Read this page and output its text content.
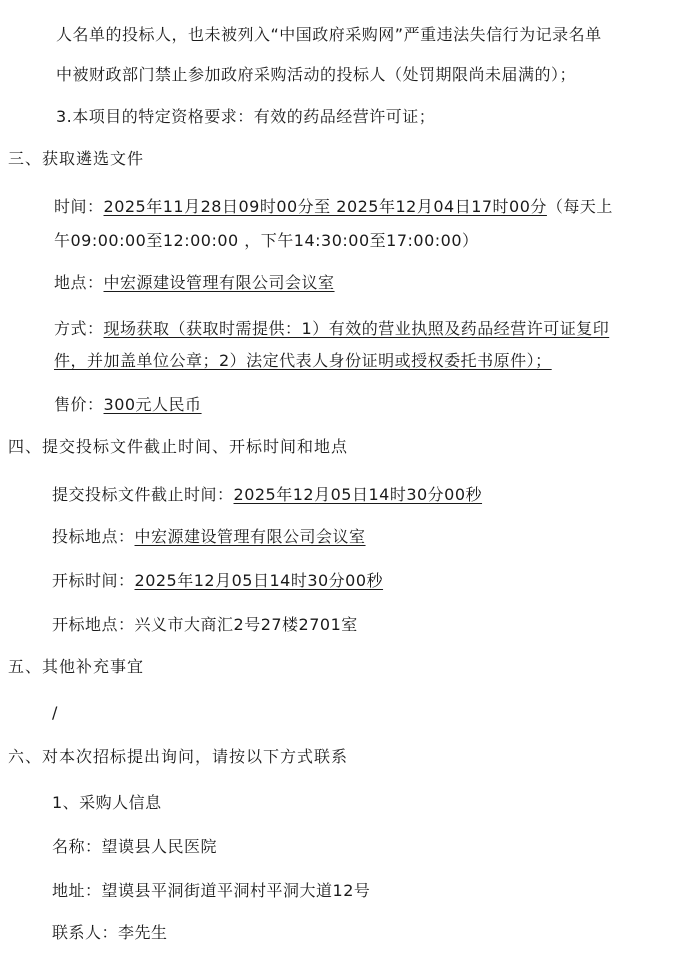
人名单的投标人，也未被列入“中国政府采购网”严重违法失信行为记录名单
中被财政部门禁止参加政府采购活动的投标人（处罚期限尚未届满的）；
3.本项目的特定资格要求：有效的药品经营许可证；
三、获取遴选文件
时间：2025年11月28日09时00分至 2025年12月04日17时00分（每天上
午09:00:00至12:00:00 ，下午14:30:00至17:00:00）
地点：中宏源建设管理有限公司会议室
方式：现场获取（获取时需提供：1）有效的营业执照及药品经营许可证复印
件，并加盖单位公章；2）法定代表人身份证明或授权委托书原件）；
售价：300元人民币
四、提交投标文件截止时间、开标时间和地点
提交投标文件截止时间：2025年12月05日14时30分00秒
投标地点：中宏源建设管理有限公司会议室
开标时间：2025年12月05日14时30分00秒
开标地点：兴义市大商汇2号27楼2701室
五、其他补充事宜
/
六、对本次招标提出询问，请按以下方式联系
1、采购人信息
名称：望谟县人民医院
地址：望谟县平洞街道平洞村平洞大道12号
联系人：李先生
